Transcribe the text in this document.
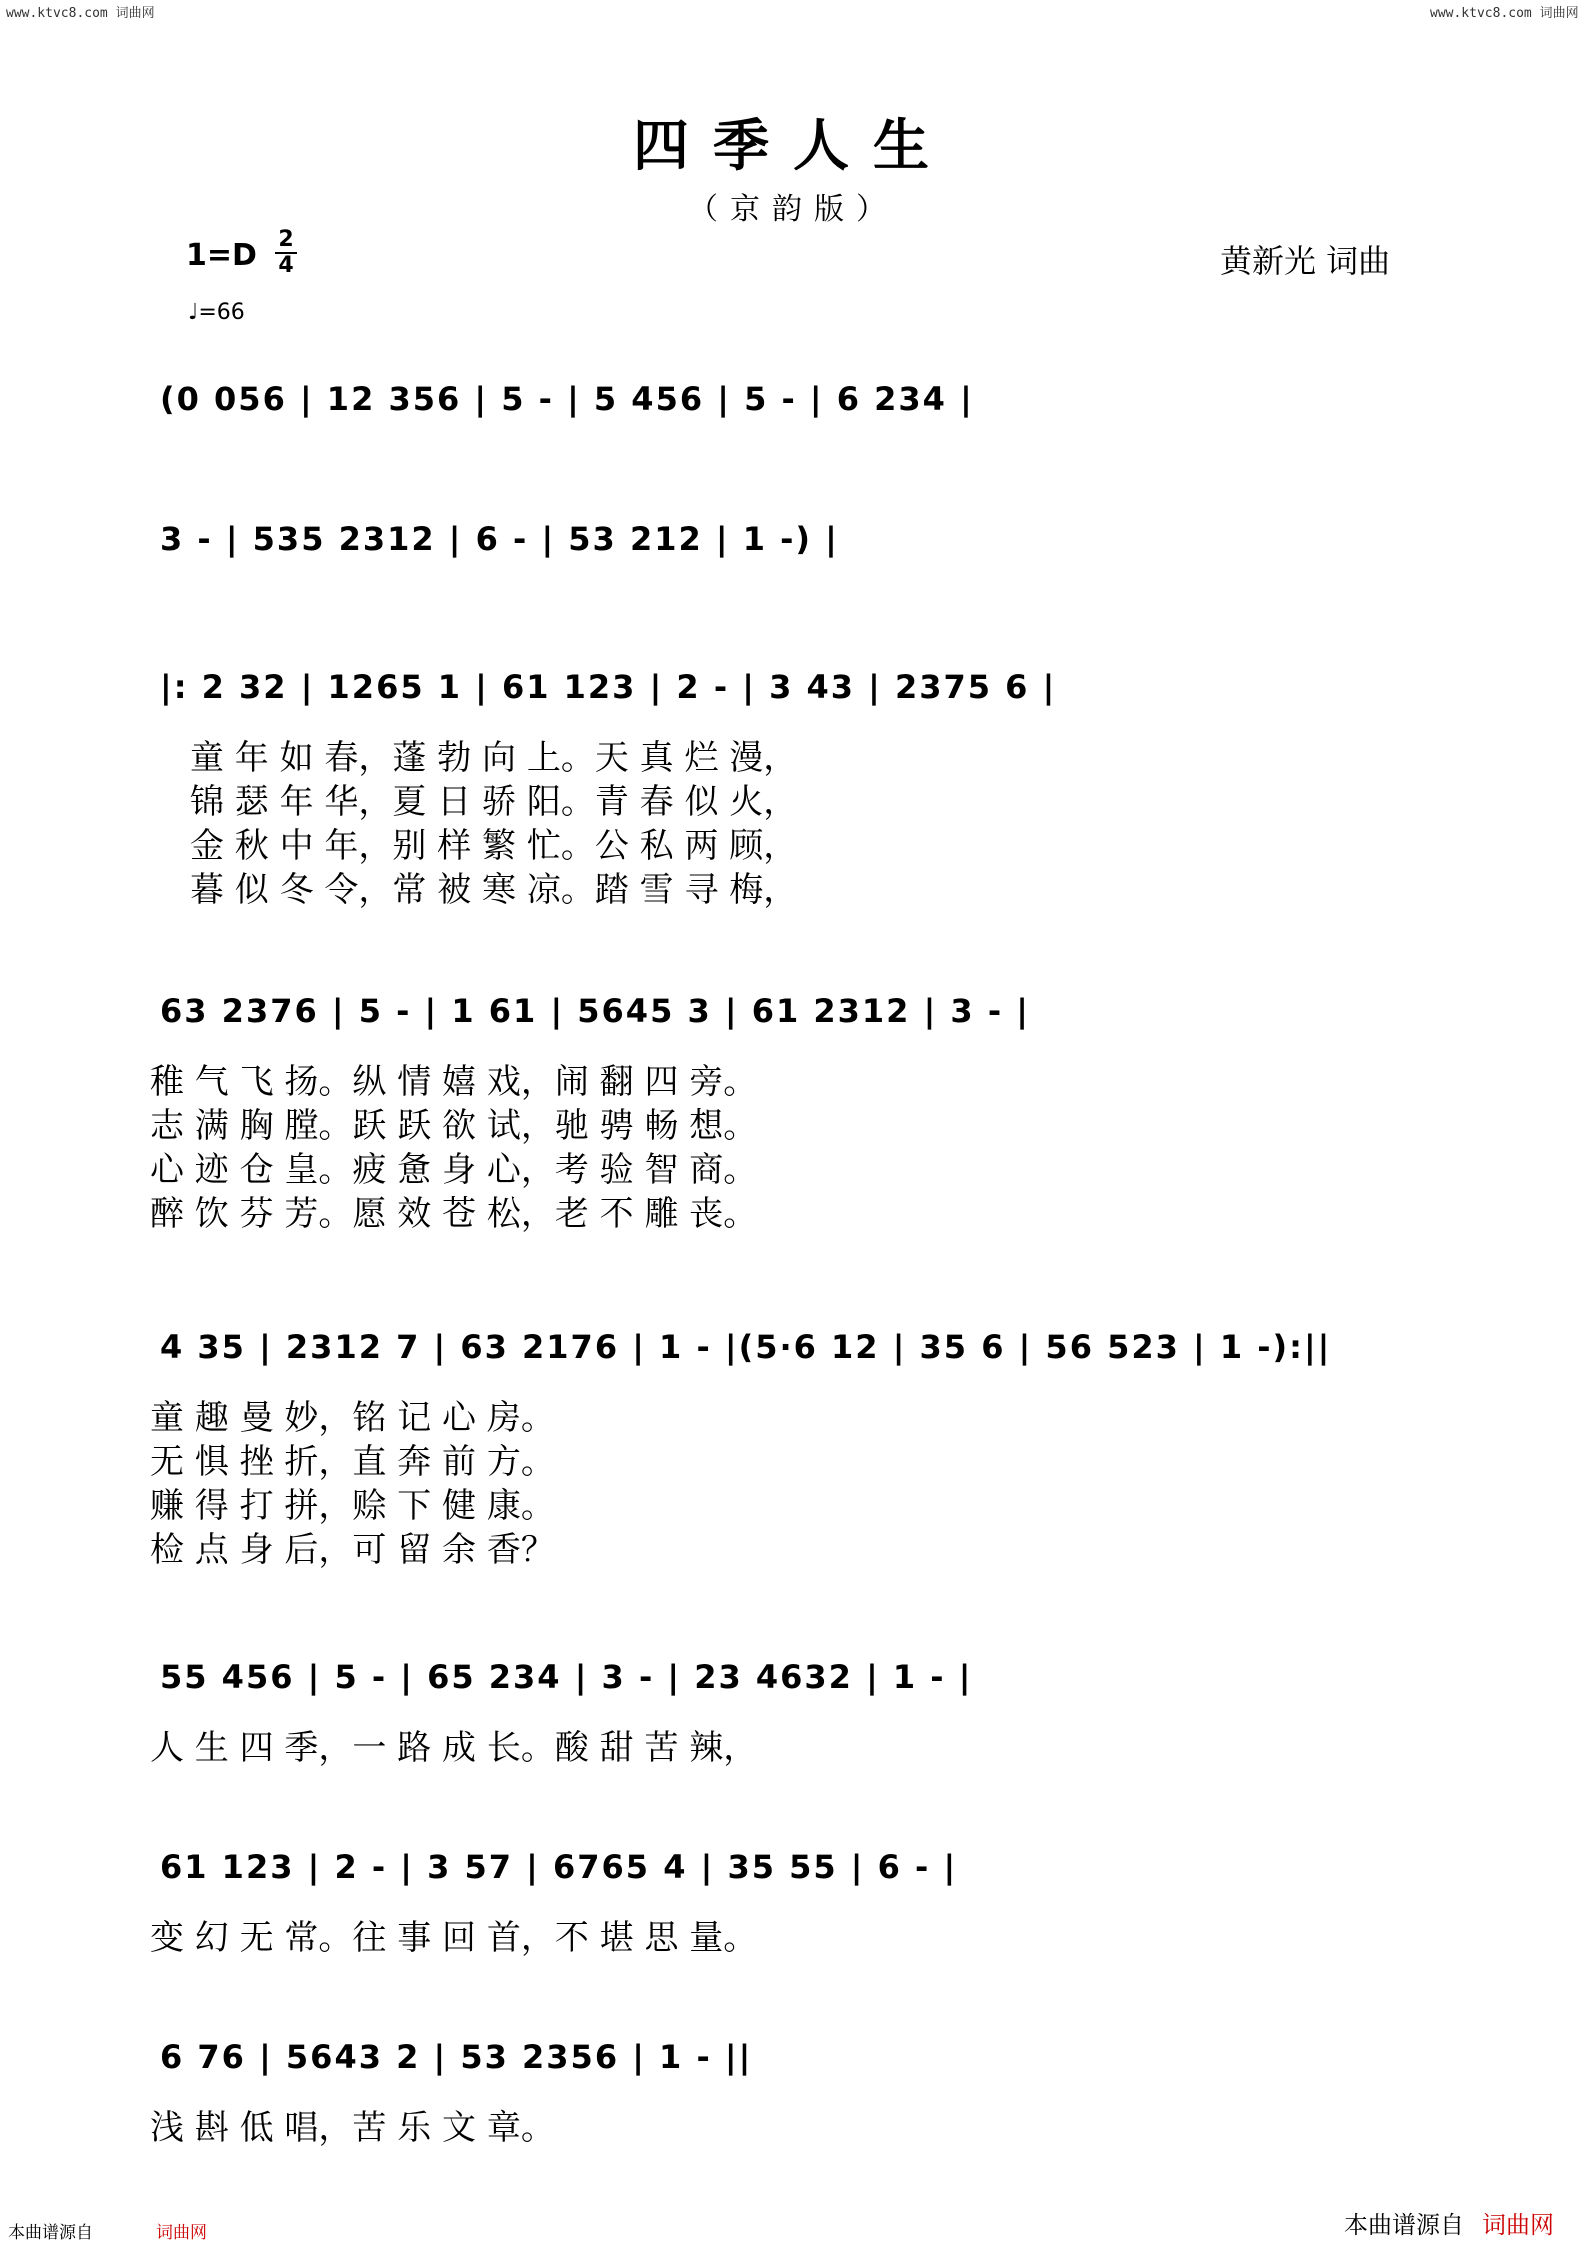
www.ktvc8.com 词曲网	www.ktvc8.com 词曲网
四季人生
（京韵版）
1=D 2
4
♩=66
黄新光 词曲
(0 056 | 12 356 | 5 - | 5 456 | 5 - | 6 234 |
3 - | 535 2312 | 6 - | 53 212 | 1 -) |
|: 2 32 | 1265 1 | 61 123 | 2 - | 3 43 | 2375 6 |
童 年 如 春，蓬 勃 向 上。天 真 烂 漫，
锦 瑟 年 华，夏 日 骄 阳。青 春 似 火，
金 秋 中 年，别 样 繁 忙。公 私 两 顾，
暮 似 冬 令，常 被 寒 凉。踏 雪 寻 梅，
63 2376 | 5 - | 1 61 | 5645 3 | 61 2312 | 3 - |
稚 气 飞 扬。纵 情 嬉 戏，闹 翻 四 旁。
志 满 胸 膛。跃 跃 欲 试，驰 骋 畅 想。
心 迹 仓 皇。疲 惫 身 心，考 验 智 商。
醉 饮 芬 芳。愿 效 苍 松，老 不 雕 丧。
4 35 | 2312 7 | 63 2176 | 1 - |(5·6 12 | 35 6 | 56 523 | 1 -):||
童 趣 曼 妙，铭 记 心 房。
无 惧 挫 折，直 奔 前 方。
赚 得 打 拼，赊 下 健 康。
检 点 身 后，可 留 余 香？
55 456 | 5 - | 65 234 | 3 - | 23 4632 | 1 - |
人 生 四 季，一 路 成 长。酸 甜 苦 辣，
61 123 | 2 - | 3 57 | 6765 4 | 35 55 | 6 - |
变 幻 无 常。往 事 回 首，不 堪 思 量。
6 76 | 5643 2 | 53 2356 | 1 - ||
浅 斟 低 唱，苦 乐 文 章。
本曲谱源自 词曲网
本曲谱源自	词曲网
